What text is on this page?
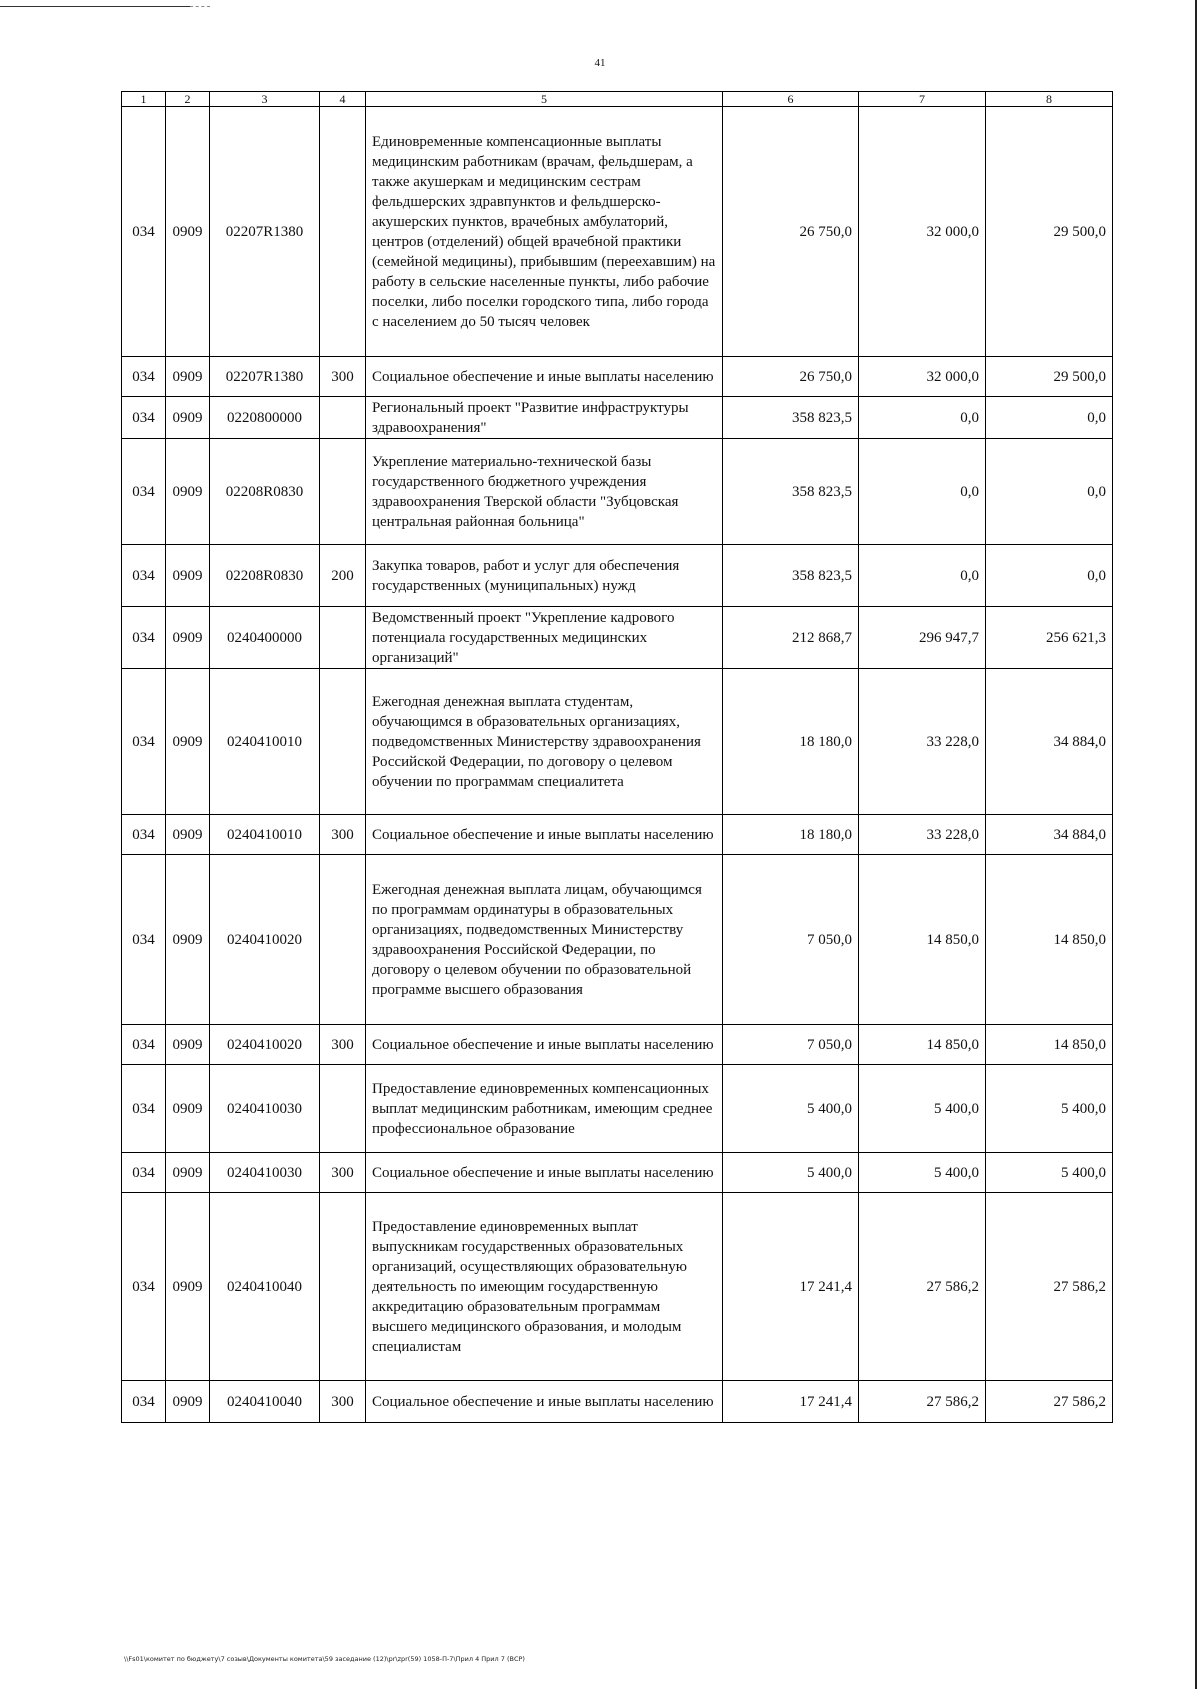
41
1	2	3	4	5	6	7	8
034	0909	02207R1380		Единовременные компенсационные выплаты медицинским работникам (врачам, фельдшерам, а также акушеркам и медицинским сестрам фельдшерских здравпунктов и фельдшерско-акушерских пунктов, врачебных амбулаторий, центров (отделений) общей врачебной практики (семейной медицины), прибывшим (переехавшим) на работу в сельские населенные пункты, либо рабочие поселки, либо поселки городского типа, либо города с населением до 50 тысяч человек	26 750,0	32 000,0	29 500,0
034	0909	02207R1380	300	Социальное обеспечение и иные выплаты населению	26 750,0	32 000,0	29 500,0
034	0909	0220800000		Региональный проект "Развитие инфраструктуры здравоохранения"	358 823,5	0,0	0,0
034	0909	02208R0830		Укрепление материально-технической базы государственного бюджетного учреждения здравоохранения Тверской области "Зубцовская центральная районная больница"	358 823,5	0,0	0,0
034	0909	02208R0830	200	Закупка товаров, работ и услуг для обеспечения государственных (муниципальных) нужд	358 823,5	0,0	0,0
034	0909	0240400000		Ведомственный проект "Укрепление кадрового потенциала государственных медицинских организаций"	212 868,7	296 947,7	256 621,3
034	0909	0240410010		Ежегодная денежная выплата студентам, обучающимся в образовательных организациях, подведомственных Министерству здравоохранения Российской Федерации, по договору о целевом обучении по программам специалитета	18 180,0	33 228,0	34 884,0
034	0909	0240410010	300	Социальное обеспечение и иные выплаты населению	18 180,0	33 228,0	34 884,0
034	0909	0240410020		Ежегодная денежная выплата лицам, обучающимся по программам ординатуры в образовательных организациях, подведомственных Министерству здравоохранения Российской Федерации, по договору о целевом обучении по образовательной программе высшего образования	7 050,0	14 850,0	14 850,0
034	0909	0240410020	300	Социальное обеспечение и иные выплаты населению	7 050,0	14 850,0	14 850,0
034	0909	0240410030		Предоставление единовременных компенсационных выплат медицинским работникам, имеющим среднее профессиональное образование	5 400,0	5 400,0	5 400,0
034	0909	0240410030	300	Социальное обеспечение и иные выплаты населению	5 400,0	5 400,0	5 400,0
034	0909	0240410040		Предоставление единовременных выплат выпускникам государственных образовательных организаций, осуществляющих образовательную деятельность по имеющим государственную аккредитацию образовательным программам высшего медицинского образования, и молодым специалистам	17 241,4	27 586,2	27 586,2
034	0909	0240410040	300	Социальное обеспечение и иные выплаты населению	17 241,4	27 586,2	27 586,2
\\Fs01\комитет по бюджету\7 созыв\Документы комитета\59 заседание (12)\pr\zpr(59) 1058-П-7\Прил 4 Прил 7 (ВСР)
